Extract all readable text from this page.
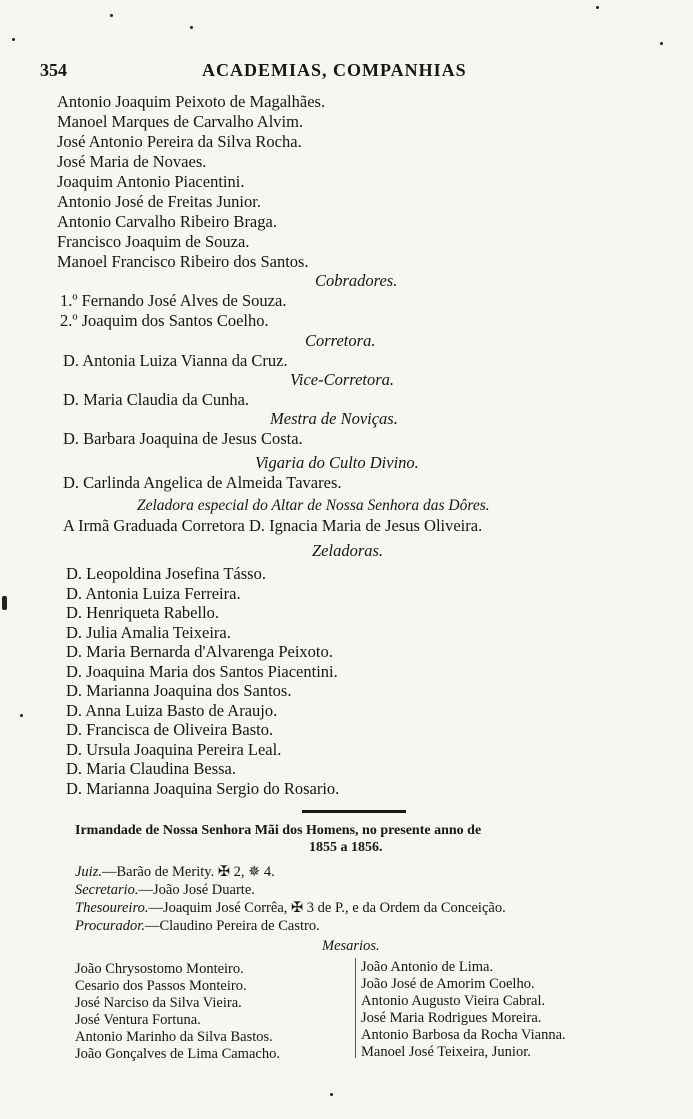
354	ACADEMIAS, COMPANHIAS
Antonio Joaquim Peixoto de Magalhães.
Manoel Marques de Carvalho Alvim.
José Antonio Pereira da Silva Rocha.
José Maria de Novaes.
Joaquim Antonio Piacentini.
Antonio José de Freitas Junior.
Antonio Carvalho Ribeiro Braga.
Francisco Joaquim de Souza.
Manoel Francisco Ribeiro dos Santos.
Cobradores.
1.º Fernando José Alves de Souza.
2.º Joaquim dos Santos Coelho.
Corretora.
D. Antonia Luiza Vianna da Cruz.
Vice-Corretora.
D. Maria Claudia da Cunha.
Mestra de Noviças.
D. Barbara Joaquina de Jesus Costa.
Vigaria do Culto Divino.
D. Carlinda Angelica de Almeida Tavares.
Zeladora especial do Altar de Nossa Senhora das Dôres.
A Irmã Graduada Corretora D. Ignacia Maria de Jesus Oliveira.
Zeladoras.
D. Leopoldina Josefina Tásso.
D. Antonia Luiza Ferreira.
D. Henriqueta Rabello.
D. Julia Amalia Teixeira.
D. Maria Bernarda d'Alvarenga Peixoto.
D. Joaquina Maria dos Santos Piacentini.
D. Marianna Joaquina dos Santos.
D. Anna Luiza Basto de Araujo.
D. Francisca de Oliveira Basto.
D. Ursula Joaquina Pereira Leal.
D. Maria Claudina Bessa.
D. Marianna Joaquina Sergio do Rosario.
Irmandade de Nossa Senhora Mãi dos Homens, no presente anno de
1855 a 1856.
Juiz.—Barão de Merity. ✠ 2, ✵ 4.
Secretario.—João José Duarte.
Thesoureiro.—Joaquim José Corrêa, ✠ 3 de P., e da Ordem da Conceição.
Procurador.—Claudino Pereira de Castro.
Mesarios.
João Chrysostomo Monteiro.
Cesario dos Passos Monteiro.
José Narciso da Silva Vieira.
José Ventura Fortuna.
Antonio Marinho da Silva Bastos.
João Gonçalves de Lima Camacho.
João Antonio de Lima.
João José de Amorim Coelho.
Antonio Augusto Vieira Cabral.
José Maria Rodrigues Moreira.
Antonio Barbosa da Rocha Vianna.
Manoel José Teixeira, Junior.
